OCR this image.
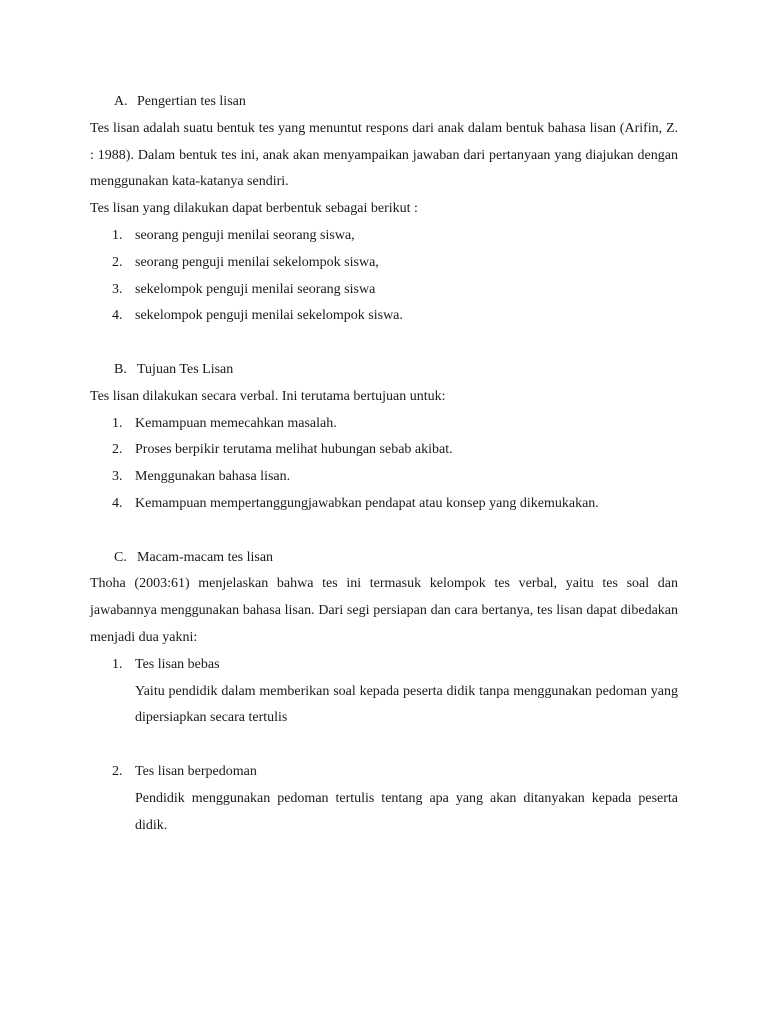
A. Pengertian tes lisan
Tes lisan adalah suatu bentuk tes yang menuntut respons dari anak dalam bentuk bahasa lisan (Arifin, Z. : 1988). Dalam bentuk tes ini, anak akan menyampaikan jawaban dari pertanyaan yang diajukan dengan menggunakan kata-katanya sendiri.
Tes lisan yang dilakukan dapat berbentuk sebagai berikut :
1. seorang penguji menilai seorang siswa,
2. seorang penguji menilai sekelompok siswa,
3. sekelompok penguji menilai seorang siswa
4. sekelompok penguji menilai sekelompok siswa.
B. Tujuan Tes Lisan
Tes lisan dilakukan secara verbal. Ini terutama bertujuan untuk:
1. Kemampuan memecahkan masalah.
2. Proses berpikir terutama melihat hubungan sebab akibat.
3. Menggunakan bahasa lisan.
4. Kemampuan mempertanggungjawabkan pendapat atau konsep yang dikemukakan.
C. Macam-macam tes lisan
Thoha (2003:61) menjelaskan bahwa tes ini termasuk kelompok tes verbal, yaitu tes soal dan jawabannya menggunakan bahasa lisan. Dari segi persiapan dan cara bertanya, tes lisan dapat dibedakan menjadi dua yakni:
1. Tes lisan bebas
Yaitu pendidik dalam memberikan soal kepada peserta didik tanpa menggunakan pedoman yang dipersiapkan secara tertulis
2. Tes lisan berpedoman
Pendidik menggunakan pedoman tertulis tentang apa yang akan ditanyakan kepada peserta didik.
